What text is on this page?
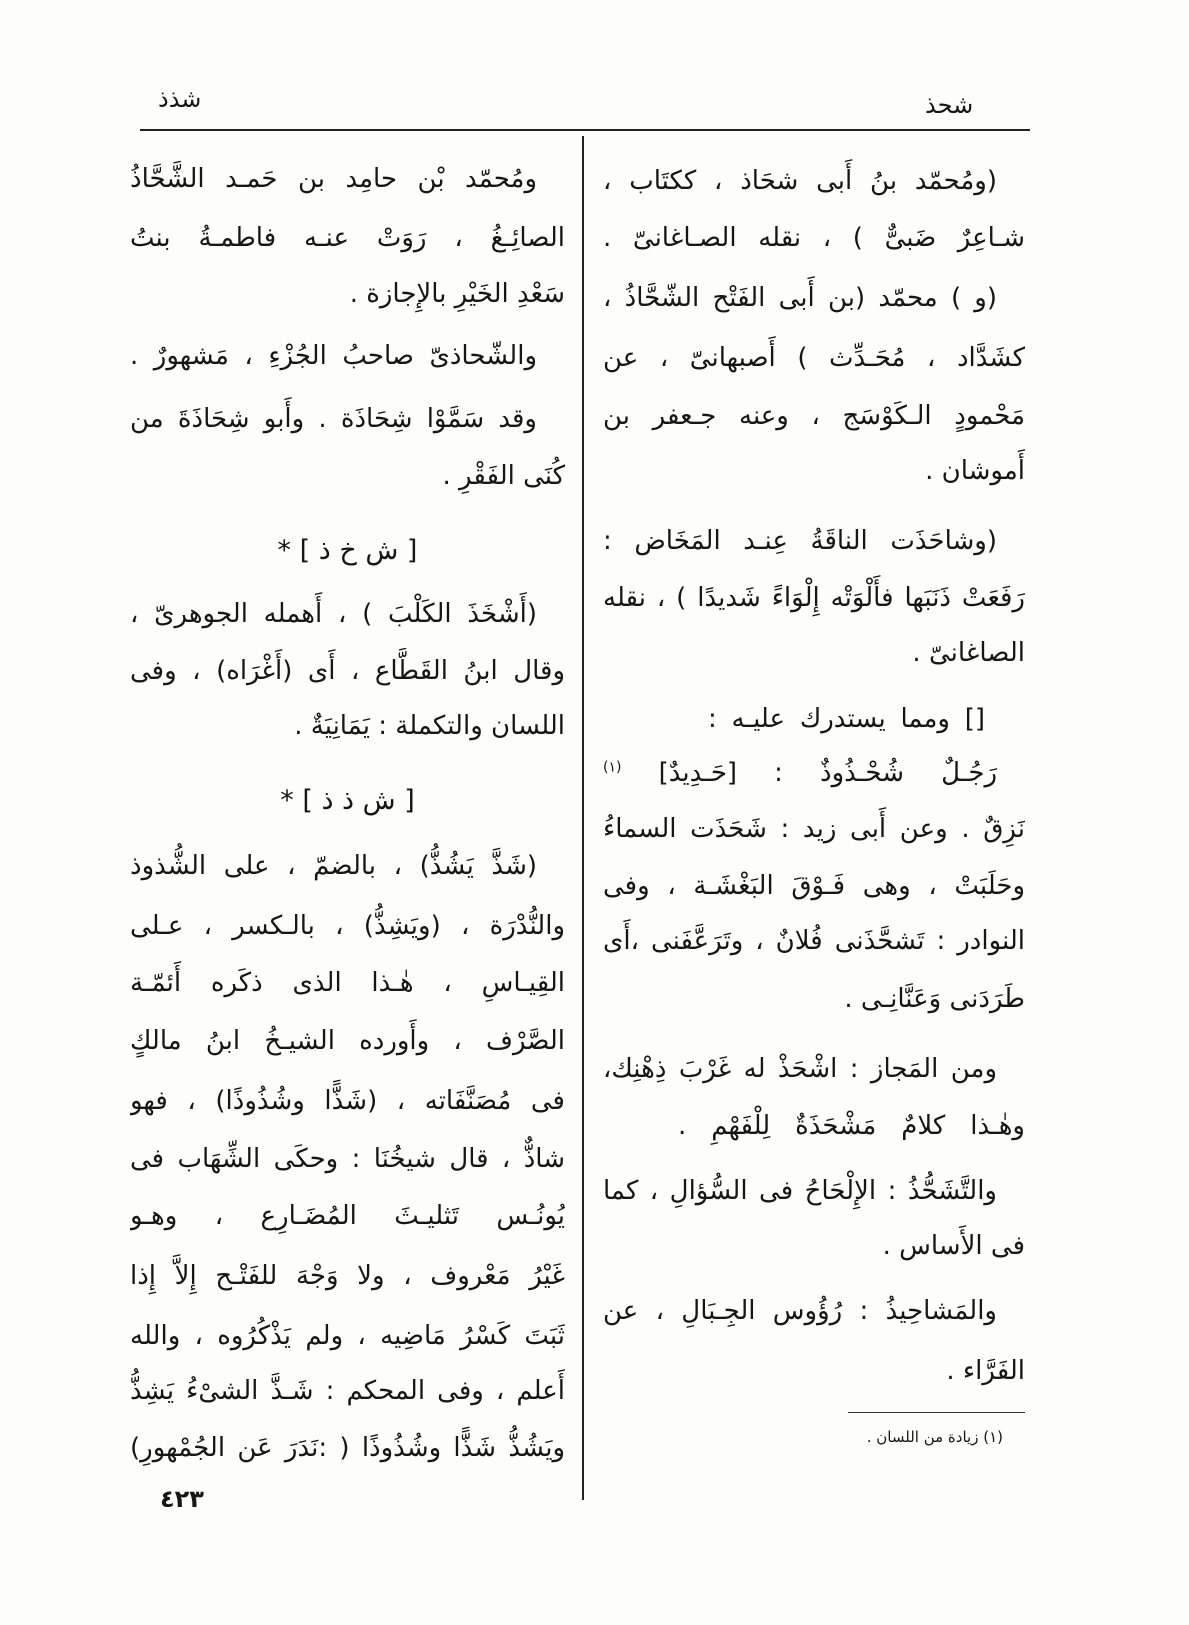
شذذ	شحذ
(ومُحمّد بنُ أَبى شحَاذ ، ككتَاب ،
شـاعِرٌ ضَبىٌّ ) ، نقله الصـاغانىّ .
(و ) محمّد (بن أَبى الفَتْح الشّحَّاذُ ،
كشَدَّاد ، مُحَـدِّث ) أَصبهانىّ ، عن
مَحْمودٍ الـكَوْسَج ، وعنه جـعفر بن
أَموشان .
(وشاحَذَت الناقَةُ عِنـد المَخَاض :
رَفَعَتْ ذَنَبَها فأَلْوَتْه إِلْوَاءً شَديدًا ) ، نقله
الصاغانىّ .
[] ومما يستدرك عليـه :
رَجُـلٌ شُحْـذُوذٌ : [حَـدِيدٌ] $^{(١)}$
نَزِقٌ . وعن أَبى زيد : شَحَذَت السماءُ
وحَلَبَتْ ، وهى فَـوْقَ البَغْشَـة ، وفى
النوادر : تَشحَّذَنى فُلانٌ ، وتَرَعَّفَنى ،أَى
طَرَدَنى وَعَنَّانِـى .
ومن المَجاز : اشْحَذْ له غَرْبَ ذِهْنِك،
وهٰـذا كلامٌ مَشْحَذَةٌ لِلْفَهْمِ .
والتَّشَحُّذُ : الإِلْحَاحُ فى السُّؤالِ ، كما
فى الأَساس .
والمَشاحِيذُ : رُؤُوس الجِـبَالِ ، عن
الفَرَّاء .
ومُحمّد بْن حامِد بن حَمـد الشَّحَّاذُ
الصائِـغُ ، رَوَتْ عنـه فاطمـةُ بنتُ
سَعْدِ الخَيْرِ بالإِجازة .
والشّحاذىّ صاحبُ الجُزْءِ ، مَشهورٌ .
وقد سَمَّوْا شِحَاذَة . وأَبو شِحَاذَةَ من
كُنَى الفَقْرِ .
[ ش خ ذ ] *
(أَشْخَذَ الكَلْبَ ) ، أَهمله الجوهرىّ ،
وقال ابنُ القَطَّاع ، أَى (أَغْرَاه) ، وفى
اللسان والتكملة : يَمَانِيَةٌ .
[ ش ذ ذ ] *
(شَذَّ يَشُذُّ) ، بالضمّ ، على الشُّذوذ
والنُّدْرَة ، (ويَشِذُّ) ، بالـكسر ، عـلى
القِيـاسِ ، هٰـذا الذى ذكَره أَئمّـة
الصَّرْف ، وأَورده الشيـخُ ابنُ مالكٍ
فى مُصَنَّفَاته ، (شَذًّا وشُذُوذًا) ، فهو
شاذٌّ ، قال شيخُنَا : وحكَى الشِّهَاب فى
يُونُـس تَثليـثَ المُضَـارِع ، وهـو
غَيْرُ مَعْروف ، ولا وَجْهَ للفَتْـح إِلاَّ إِذا
ثَبَتَ كَسْرُ مَاضِيه ، ولم يَذْكُرُوه ، والله
أَعلم ، وفى المحكم : شَـذَّ الشىْءُ يَشِذُّ
ويَشُذُّ شَذًّا وشُذُوذًا ( :نَدَرَ عَن الجُمْهورِ)	(١) زيادة من اللسان .
٤٢٣
